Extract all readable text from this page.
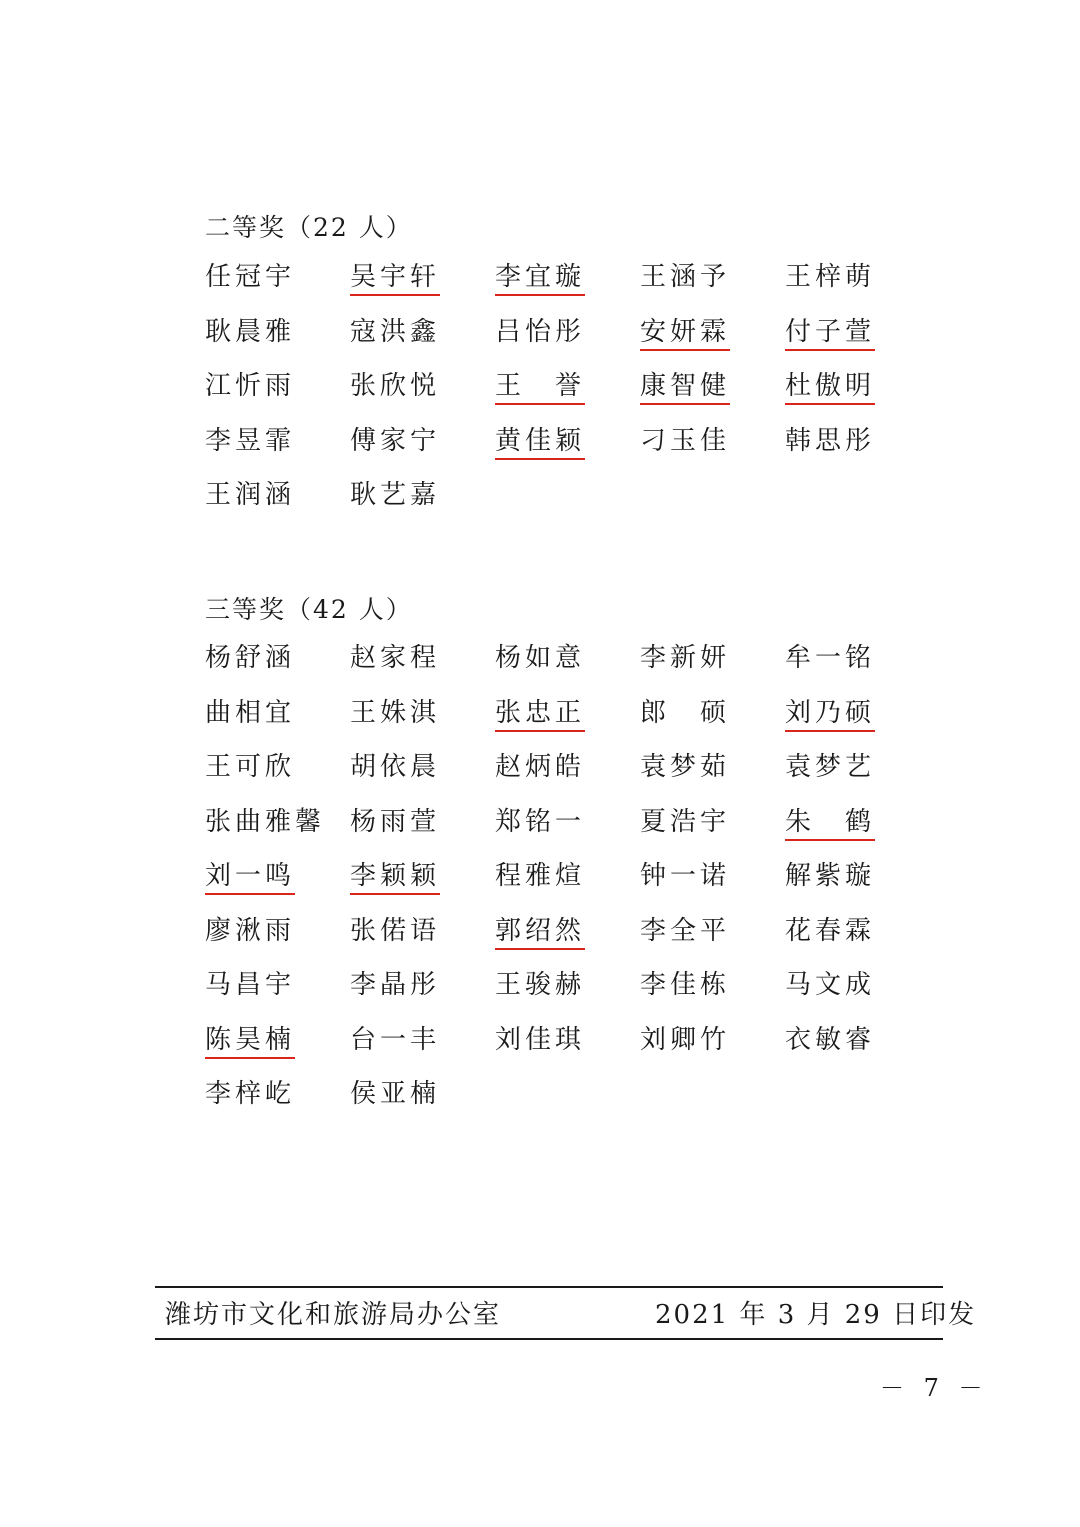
二等奖（22 人）
任冠宇 吴宇轩 李宜璇 王涵予 王梓萌
耿晨雅 寇洪鑫 吕怡彤 安妍霖 付子萱
江忻雨 张欣悦 王　誉 康智健 杜傲明
李昱霏 傅家宁 黄佳颖 刁玉佳 韩思彤
王润涵 耿艺嘉
三等奖（42 人）
杨舒涵 赵家程 杨如意 李新妍 牟一铭
曲相宜 王姝淇 张忠正 郎　硕 刘乃硕
王可欣 胡依晨 赵炳皓 袁梦茹 袁梦艺
张曲雅馨 杨雨萱 郑铭一 夏浩宇 朱　鹤
刘一鸣 李颖颖 程雅煊 钟一诺 解紫璇
廖湫雨 张偌语 郭绍然 李全平 花春霖
马昌宇 李晶彤 王骏赫 李佳栋 马文成
陈昊楠 台一丰 刘佳琪 刘卿竹 衣敏睿
李梓屹 侯亚楠
潍坊市文化和旅游局办公室	2021 年 3 月 29 日印发
－ 7 －
